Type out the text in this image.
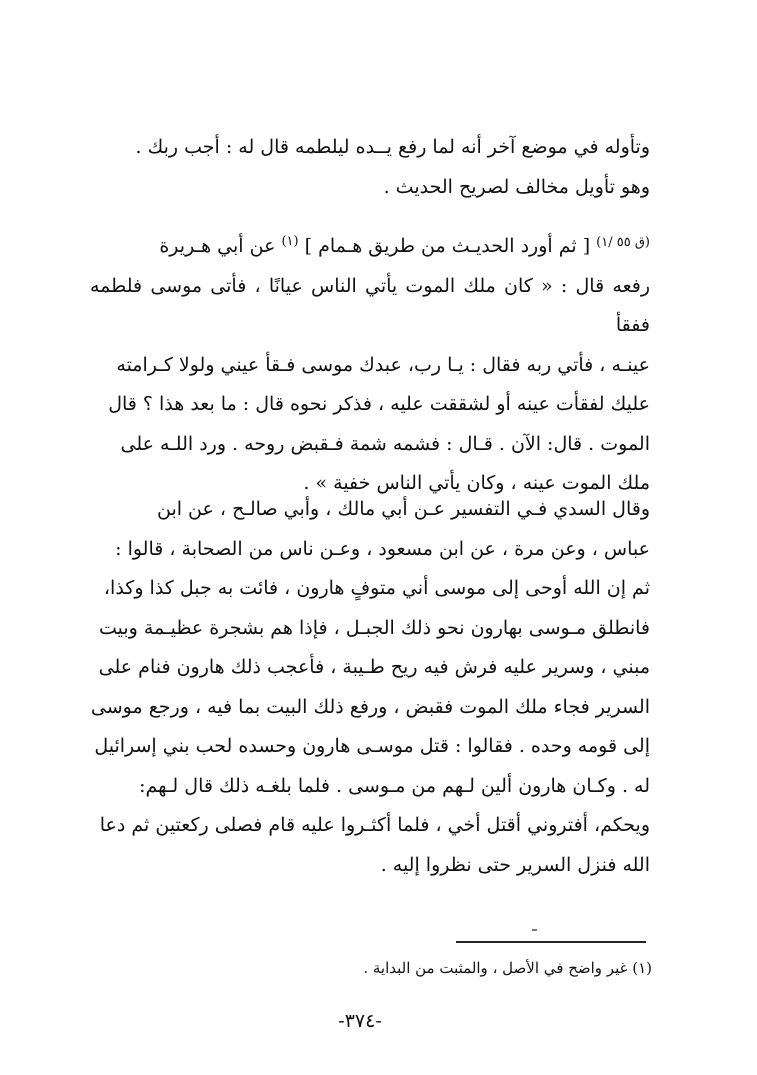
وتأوله في موضع آخر أنه لما رفع يــده ليلطمه قال له : أجب ربك .

وهو تأويل مخالف لصريح الحديث .

$^{(ق ٥٥ /١)}$ [ ثم أورد الحديـث من طريق هـمام ] $^{(١)}$ عن أبي هـريرة

رفعه قال : « كان ملك الموت يأتي الناس عيانًا ، فأتى موسى فلطمه ففقأ

عينـه ، فأتي ربه فقال : يـا رب، عبدك موسى فـقأ عيني ولولا كـرامته

عليك لفقأت عينه أو لشققت عليه ، فذكر نحوه قال : ما بعد هذا ؟ قال

الموت . قال: الآن . قـال : فشمه شمة فـقبض روحه . ورد اللـه على

ملك الموت عينه ، وكان يأتي الناس خفية » .

وقال السدي فـي التفسير عـن أبي مالك ، وأبي صالـح ، عن ابن

عباس ، وعن مرة ، عن ابن مسعود ، وعـن ناس من الصحابة ، قالوا :

ثم إن الله أوحى إلى موسى أني متوفٍ هارون ، فائت به جبل كذا وكذا،

فانطلق مـوسى بهارون نحو ذلك الجبـل ، فإذا هم بشجرة عظيـمة وبيت

مبني ، وسرير عليه فرش فيه ريح طـيبة ، فأعجب ذلك هارون فنام على

السرير فجاء ملك الموت فقبض ، ورفع ذلك البيت بما فيه ، ورجع موسى

إلى قومه وحده . فقالوا : قتل موسـى هارون وحسده لحب بني إسرائيل

له . وكـان هارون ألين لـهم من مـوسى . فلما بلغـه ذلك قال لـهم:

ويحكم، أفتروني أقتل أخي ، فلما أكثـروا عليه قام فصلى ركعتين ثم دعا

الله فنزل السرير حتى نظروا إليه .

(١) غير واضح في الأصل ، والمثبت من البداية .
-٣٧٤-
